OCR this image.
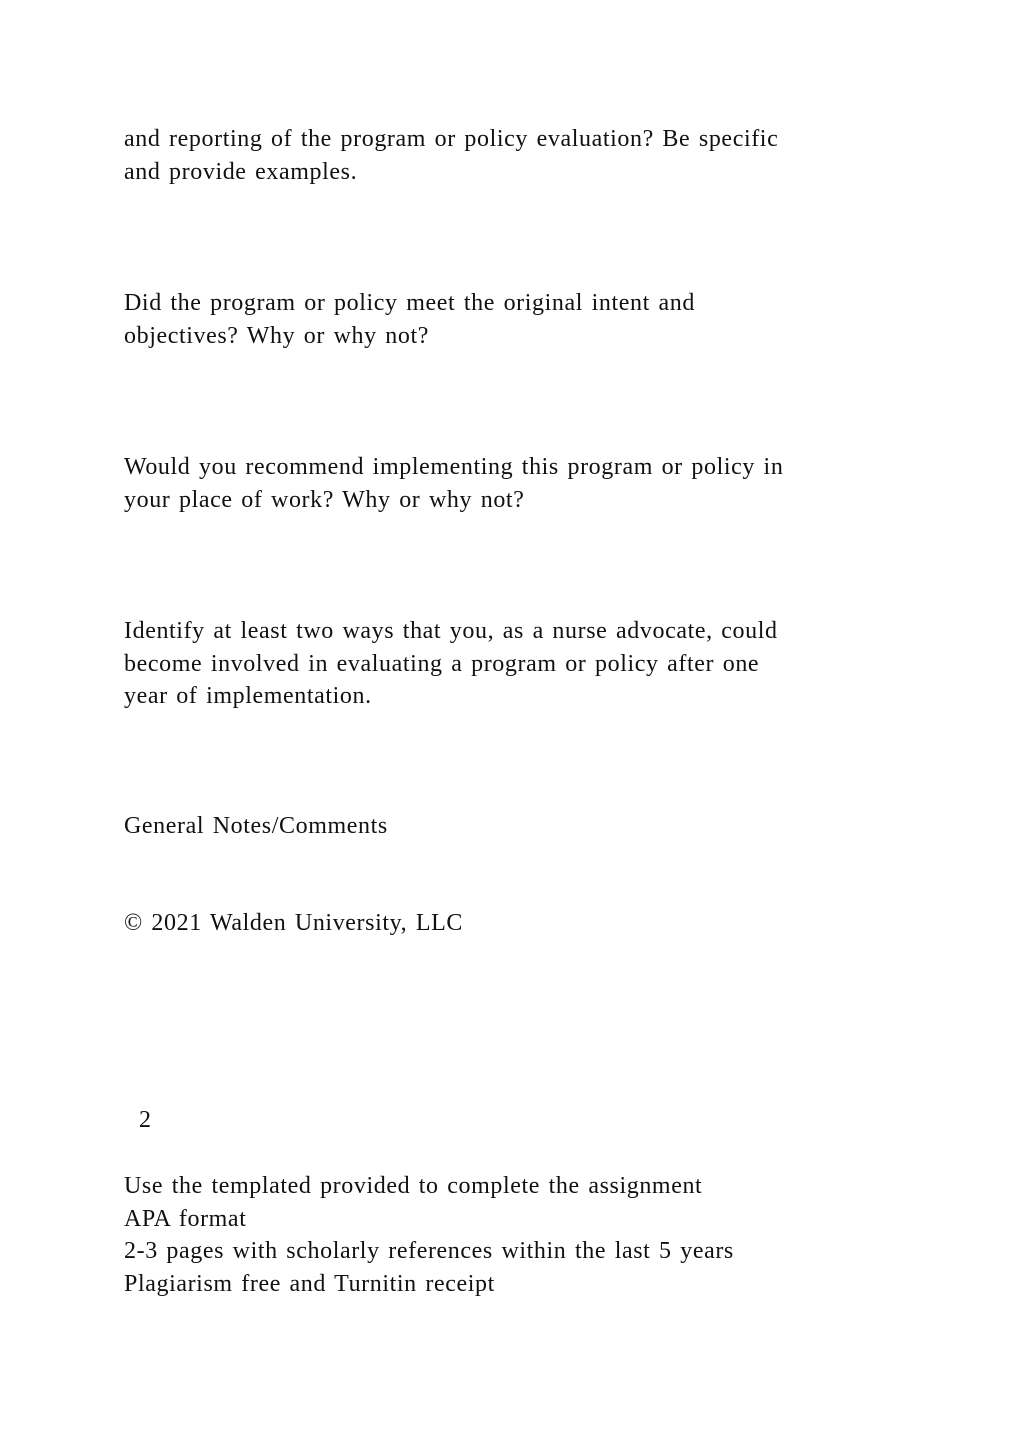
and reporting of the program or policy evaluation? Be specific
and provide examples.

Did the program or policy meet the original intent and
objectives? Why or why not?

Would you recommend implementing this program or policy in
your place of work? Why or why not?

Identify at least two ways that you, as a nurse advocate, could
become involved in evaluating a program or policy after one
year of implementation.

General Notes/Comments

© 2021 Walden University, LLC

2

Use the templated provided to complete the assignment
APA format
2-3 pages with scholarly references within the last 5 years
Plagiarism free and Turnitin receipt
